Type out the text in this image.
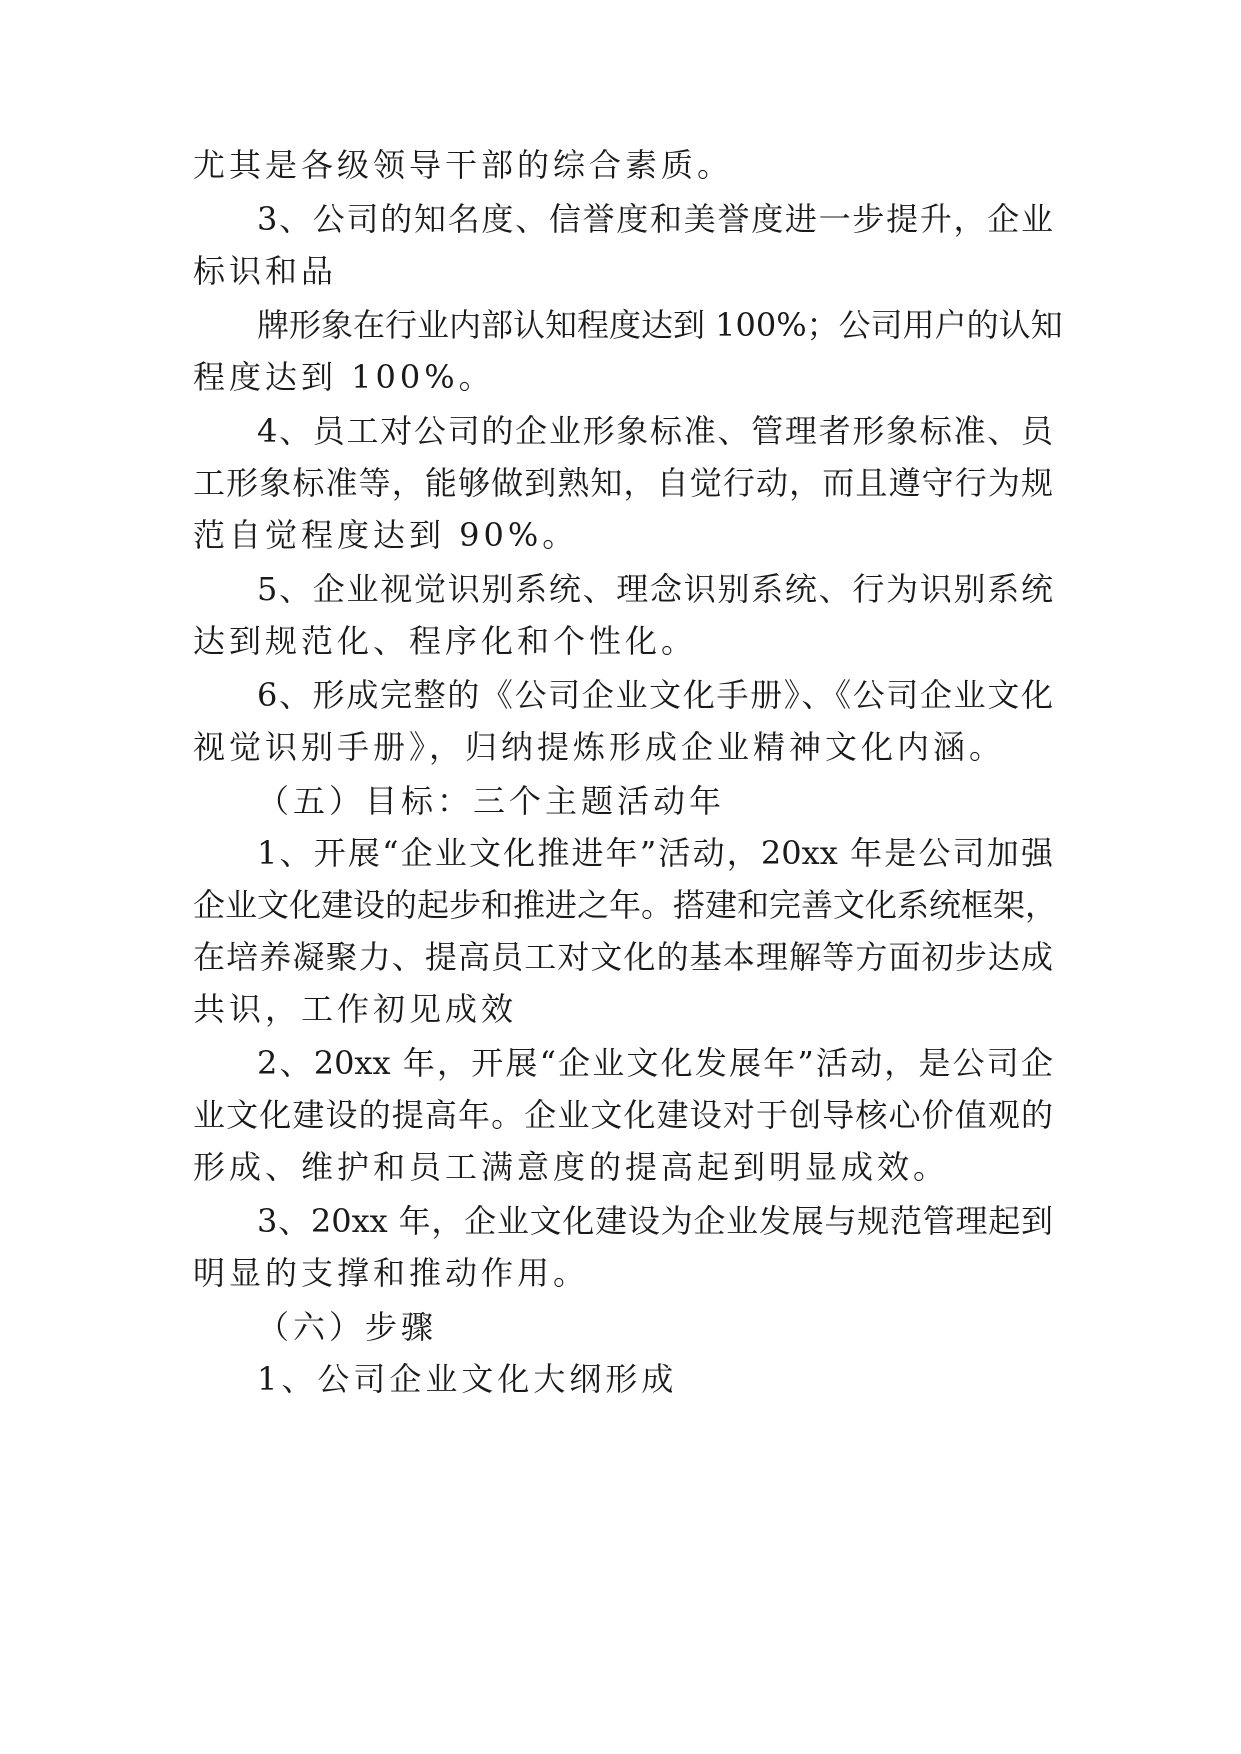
尤其是各级领导干部的综合素质。

3、公司的知名度、信誉度和美誉度进一步提升，企业

标识和品

牌形象在行业内部认知程度达到 100%；公司用户的认知

程度达到 100%。

4、员工对公司的企业形象标准、管理者形象标准、员

工形象标准等，能够做到熟知，自觉行动，而且遵守行为规

范自觉程度达到 90%。

5、企业视觉识别系统、理念识别系统、行为识别系统

达到规范化、程序化和个性化。

6、形成完整的《公司企业文化手册》、《公司企业文化

视觉识别手册》，归纳提炼形成企业精神文化内涵。

（五）目标：三个主题活动年

1、开展“企业文化推进年”活动，20xx 年是公司加强

企业文化建设的起步和推进之年。搭建和完善文化系统框架，

在培养凝聚力、提高员工对文化的基本理解等方面初步达成

共识，工作初见成效

2、20xx 年，开展“企业文化发展年”活动，是公司企

业文化建设的提高年。企业文化建设对于创导核心价值观的

形成、维护和员工满意度的提高起到明显成效。

3、20xx 年，企业文化建设为企业发展与规范管理起到

明显的支撑和推动作用。

（六）步骤

1、公司企业文化大纲形成
